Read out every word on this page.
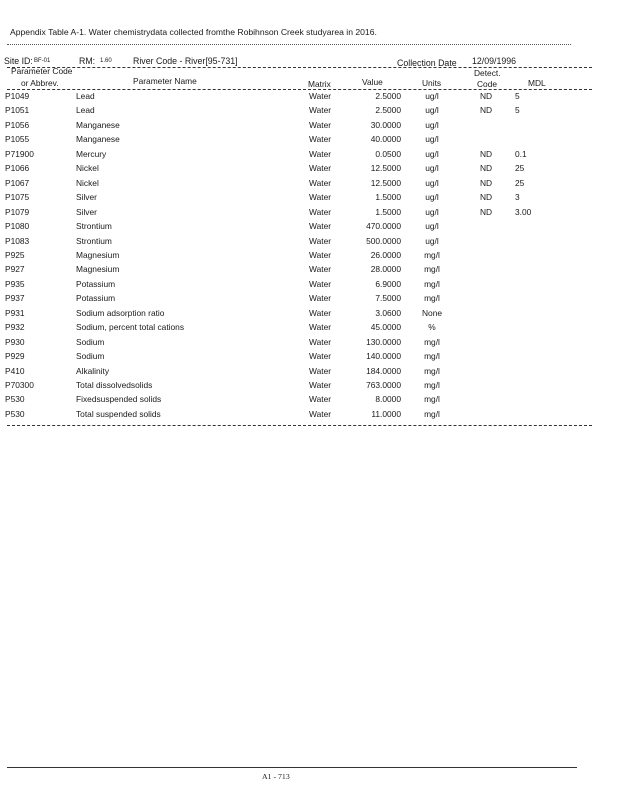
Appendix Table A-1. Water chemistrydata collected fromthe Robihnson Creek studyarea in 2016.
Site ID: BF-01	RM: 1.60 River Code - River[95-731]	Collection Date 12/09/1996
Parameter Code
or Abbrev.	Parameter Name	Matrix	Value	Units
Detect.
Code	MDL
P1049	Lead	Water	2.5000	ug/l	ND	5
P1051	Lead	Water	2.5000	ug/l	ND	5
P1056	Manganese	Water	30.0000	ug/l
P1055	Manganese	Water	40.0000	ug/l
P71900	Mercury	Water	0.0500	ug/l	ND	0.1
P1066	Nickel	Water	12.5000	ug/l	ND	25
P1067	Nickel	Water	12.5000	ug/l	ND	25
P1075	Silver	Water	1.5000	ug/l	ND	3
P1079	Silver	Water	1.5000	ug/l	ND	3.00
P1080	Strontium	Water	470.0000	ug/l
P1083	Strontium	Water	500.0000	ug/l
P925	Magnesium	Water	26.0000	mg/l
P927	Magnesium	Water	28.0000	mg/l
P935	Potassium	Water	6.9000	mg/l
P937	Potassium	Water	7.5000	mg/l
P931	Sodium adsorption ratio	Water	3.0600	None
P932	Sodium, percent total cations	Water	45.0000	%
P930	Sodium	Water	130.0000	mg/l
P929	Sodium	Water	140.0000	mg/l
P410	Alkalinity	Water	184.0000	mg/l
P70300	Total dissolvedsolids	Water	763.0000	mg/l
P530	Fixedsuspended solids	Water	8.0000	mg/l
P530	Total suspended solids	Water	11.0000	mg/l
A1 - 713
